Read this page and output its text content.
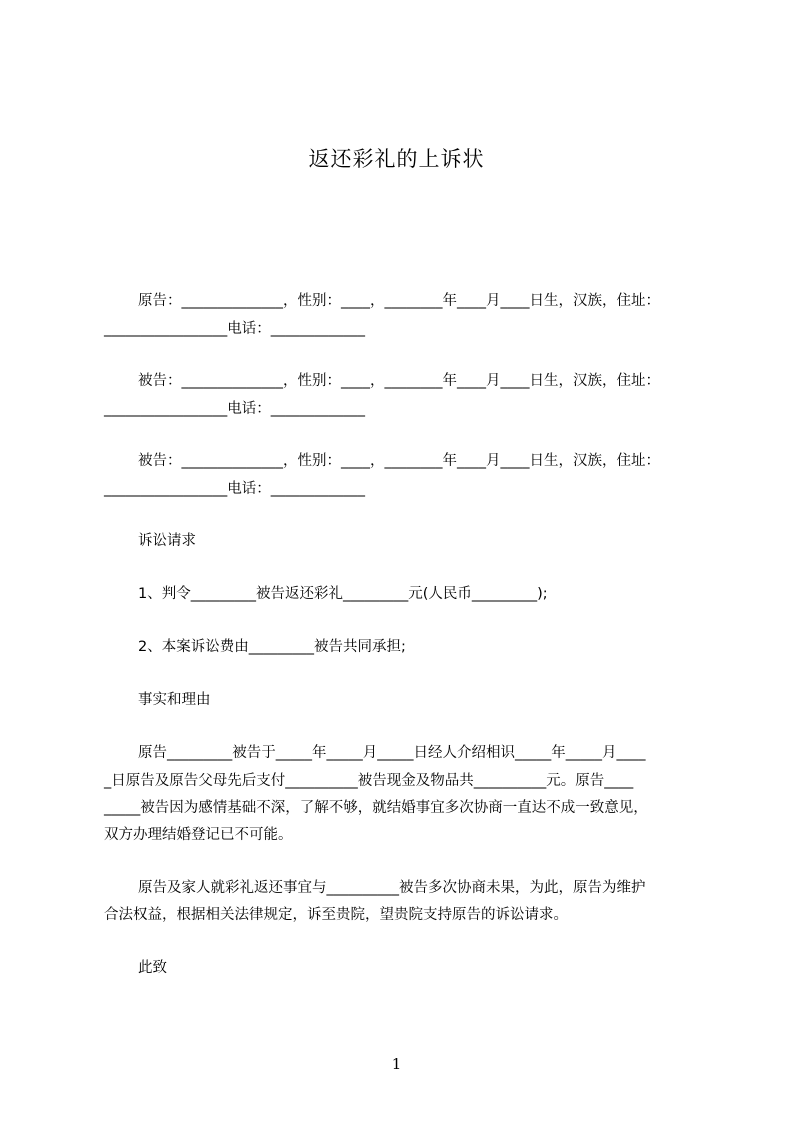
返还彩礼的上诉状
原告：______________，性别：____，________年____月____日生，汉族，住址：
_________________电话：_____________
被告：______________，性别：____，________年____月____日生，汉族，住址：
_________________电话：_____________
被告：______________，性别：____，________年____月____日生，汉族，住址：
_________________电话：_____________
诉讼请求
1、判令_________被告返还彩礼_________元(人民币_________);
2、本案诉讼费由_________被告共同承担;
事实和理由
原告_________被告于_____年_____月_____日经人介绍相识_____年_____月____
_日原告及原告父母先后支付__________被告现金及物品共__________元。原告____
_____被告因为感情基础不深，了解不够，就结婚事宜多次协商一直达不成一致意见，
双方办理结婚登记已不可能。
原告及家人就彩礼返还事宜与__________被告多次协商未果，为此，原告为维护
合法权益，根据相关法律规定，诉至贵院，望贵院支持原告的诉讼请求。
此致
1
